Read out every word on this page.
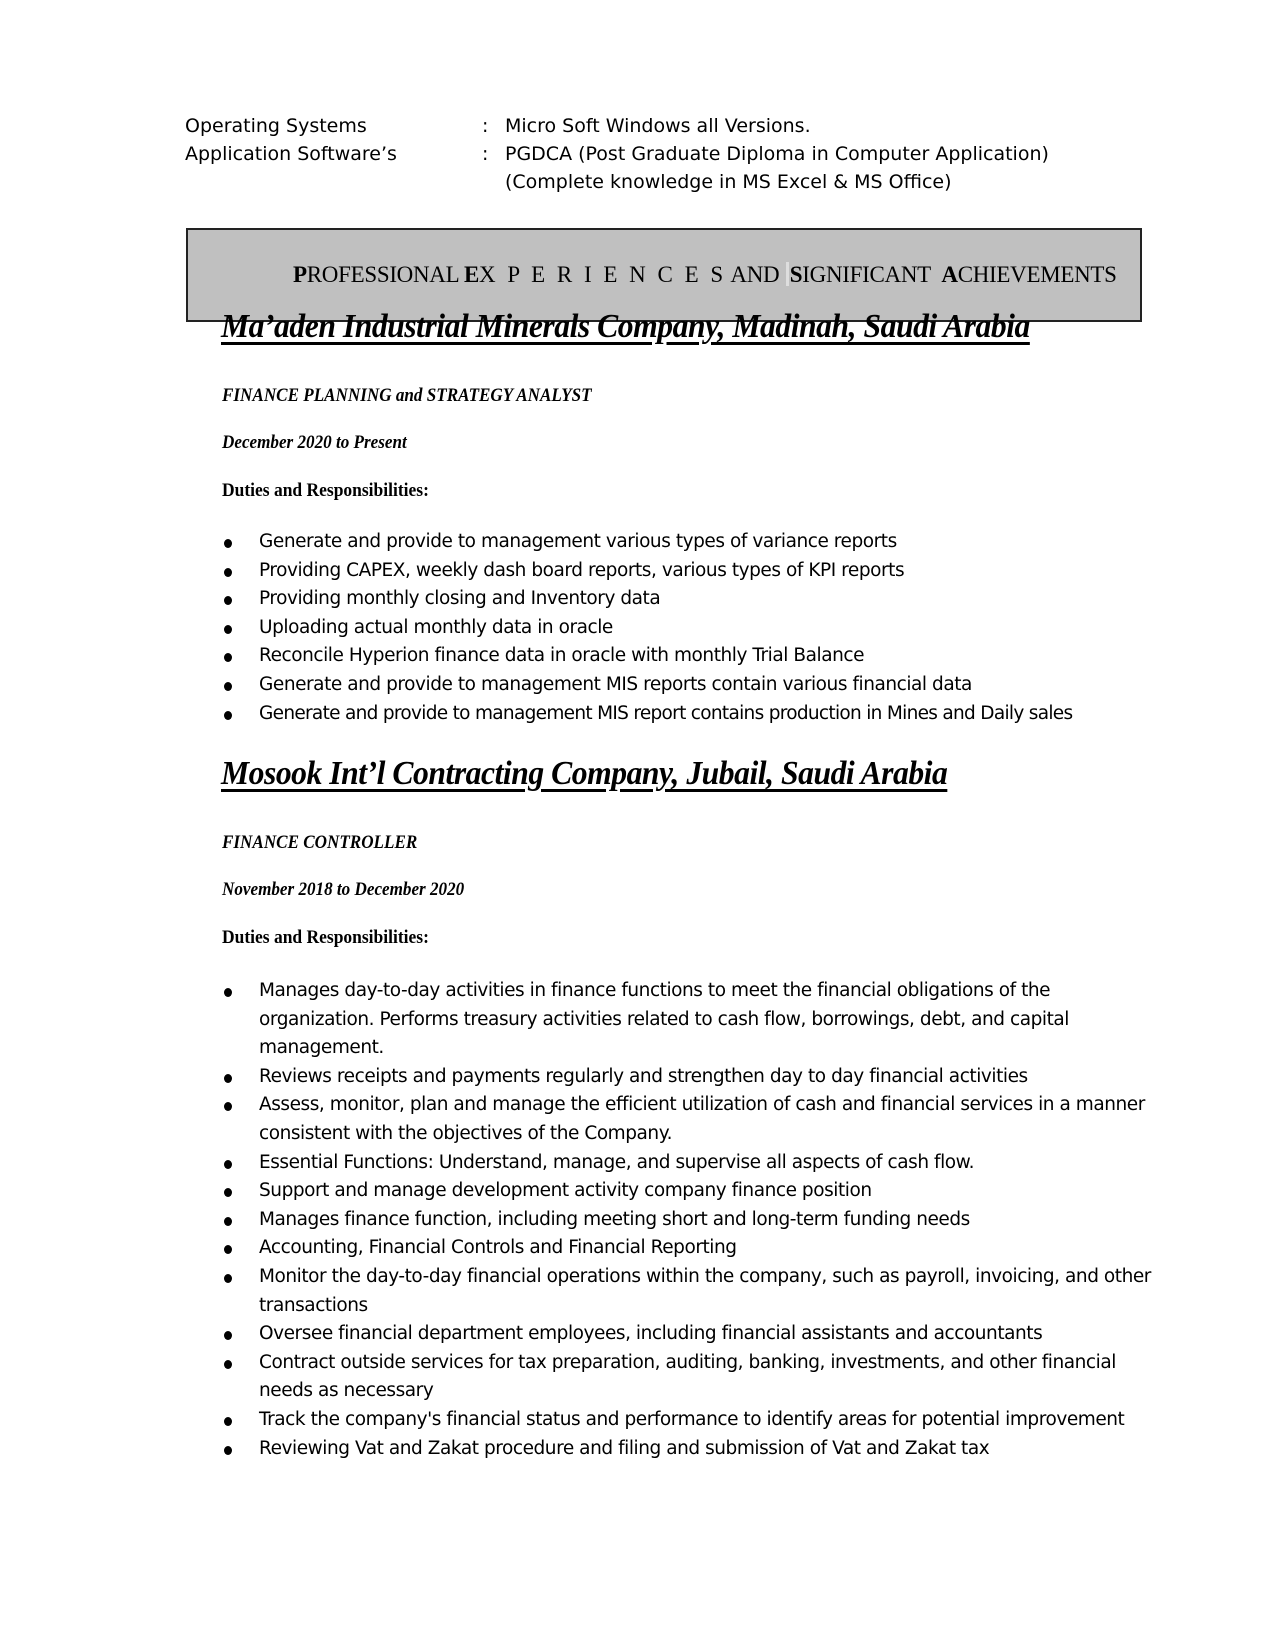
Operating Systems	: Micro Soft Windows all Versions.
Application Software’s	: PGDCA (Post Graduate Diploma in Computer Application)
(Complete knowledge in MS Excel & MS Office)
PROFESSIONAL EX P E R I E N C E S AND SIGNIFICANT  ACHIEVEMENTS
Ma’aden Industrial Minerals Company, Madinah, Saudi Arabia
FINANCE PLANNING and STRATEGY ANALYST
December 2020 to Present
Duties and Responsibilities:
Generate and provide to management various types of variance reports
Providing CAPEX, weekly dash board reports, various types of KPI reports
Providing monthly closing and Inventory data
Uploading actual monthly data in oracle
Reconcile Hyperion finance data in oracle with monthly Trial Balance
Generate and provide to management MIS reports contain various financial data
Generate and provide to management MIS report contains production in Mines and Daily sales
Mosook Int’l Contracting Company, Jubail, Saudi Arabia
FINANCE CONTROLLER
November 2018 to December 2020
Duties and Responsibilities:
Manages day-to-day activities in finance functions to meet the financial obligations of the organization. Performs treasury activities related to cash flow, borrowings, debt, and capital management.
Reviews receipts and payments regularly and strengthen day to day financial activities
Assess, monitor, plan and manage the efficient utilization of cash and financial services in a manner consistent with the objectives of the Company.
Essential Functions: Understand, manage, and supervise all aspects of cash flow.
Support and manage development activity company finance position
Manages finance function, including meeting short and long-term funding needs
Accounting, Financial Controls and Financial Reporting
Monitor the day-to-day financial operations within the company, such as payroll, invoicing, and other transactions
Oversee financial department employees, including financial assistants and accountants
Contract outside services for tax preparation, auditing, banking, investments, and other financial needs as necessary
Track the company's financial status and performance to identify areas for potential improvement
Reviewing Vat and Zakat procedure and filing and submission of Vat and Zakat tax
